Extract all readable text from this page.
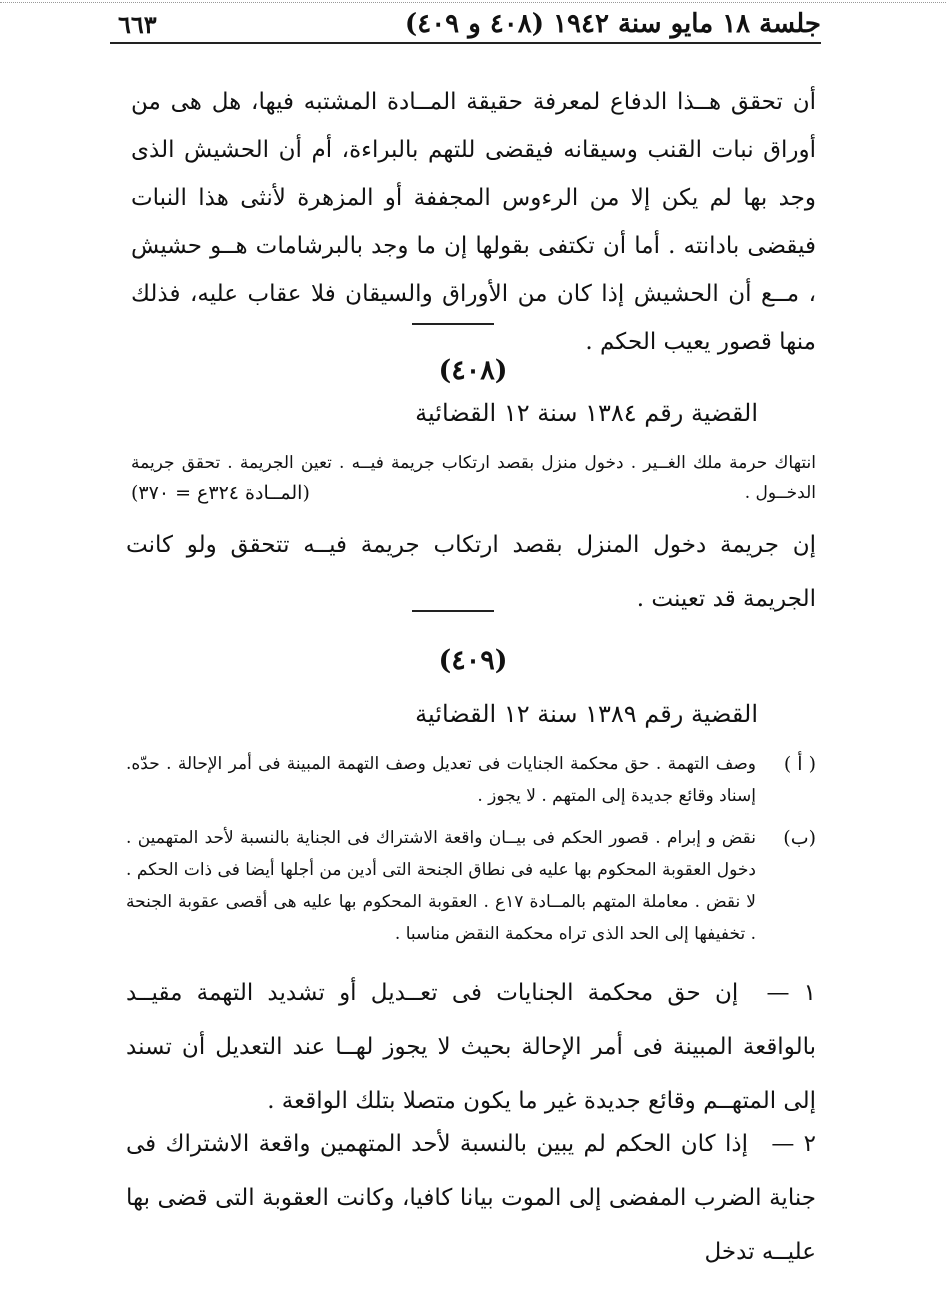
جلسة ١٨ مايو سنة ١٩٤٢ (٤٠٨ و ٤٠٩)
٦٦٣

أن تحقق هــذا الدفاع لمعرفة حقيقة المــادة المشتبه فيها، هل هى من أوراق نبات القنب وسيقانه فيقضى للتهم بالبراءة، أم أن الحشيش الذى وجد بها لم يكن إلا من الرءوس المجففة أو المزهرة لأنثى هذا النبات فيقضى بادانته . أما أن تكتفى بقولها إن ما وجد بالبرشامات هــو حشيش ، مــع أن الحشيش إذا كان من الأوراق والسيقان فلا عقاب عليه، فذلك منها قصور يعيب الحكم .

(٤٠٨)
القضية رقم ١٣٨٤ سنة ١٢ القضائية
انتهاك حرمة ملك الغــير . دخول منزل بقصد ارتكاب جريمة فيــه . تعين الجريمة . تحقق جريمة الدخــول .
(المــادة ٣٢٤ع = ٣٧٠)
إن جريمة دخول المنزل بقصد ارتكاب جريمة فيــه تتحقق ولو كانت الجريمة قد تعينت .
(٤٠٩)
القضية رقم ١٣٨٩ سنة ١٢ القضائية
( أ )
وصف التهمة . حق محكمة الجنايات فى تعديل وصف التهمة المبينة فى أمر الإحالة . حدّه. إسناد وقائع جديدة إلى المتهم . لا يجوز .
(ب)
نقض و إبرام . قصور الحكم فى بيــان واقعة الاشتراك فى الجناية بالنسبة لأحد المتهمين . دخول العقوبة المحكوم بها عليه فى نطاق الجنحة التى أدين من أجلها أيضا فى ذات الحكم . لا نقض . معاملة المتهم بالمــادة ١٧ع . العقوبة المحكوم بها عليه هى أقصى عقوبة الجنحة . تخفيفها إلى الحد الذى تراه محكمة النقض مناسبا .
١ — إن حق محكمة الجنايات فى تعــديل أو تشديد التهمة مقيــد بالواقعة المبينة فى أمر الإحالة بحيث لا يجوز لهــا عند التعديل أن تسند إلى المتهــم وقائع جديدة غير ما يكون متصلا بتلك الواقعة .
٢ — إذا كان الحكم لم يبين بالنسبة لأحد المتهمين واقعة الاشتراك فى جناية الضرب المفضى إلى الموت بيانا كافيا، وكانت العقوبة التى قضى بها عليــه تدخل
